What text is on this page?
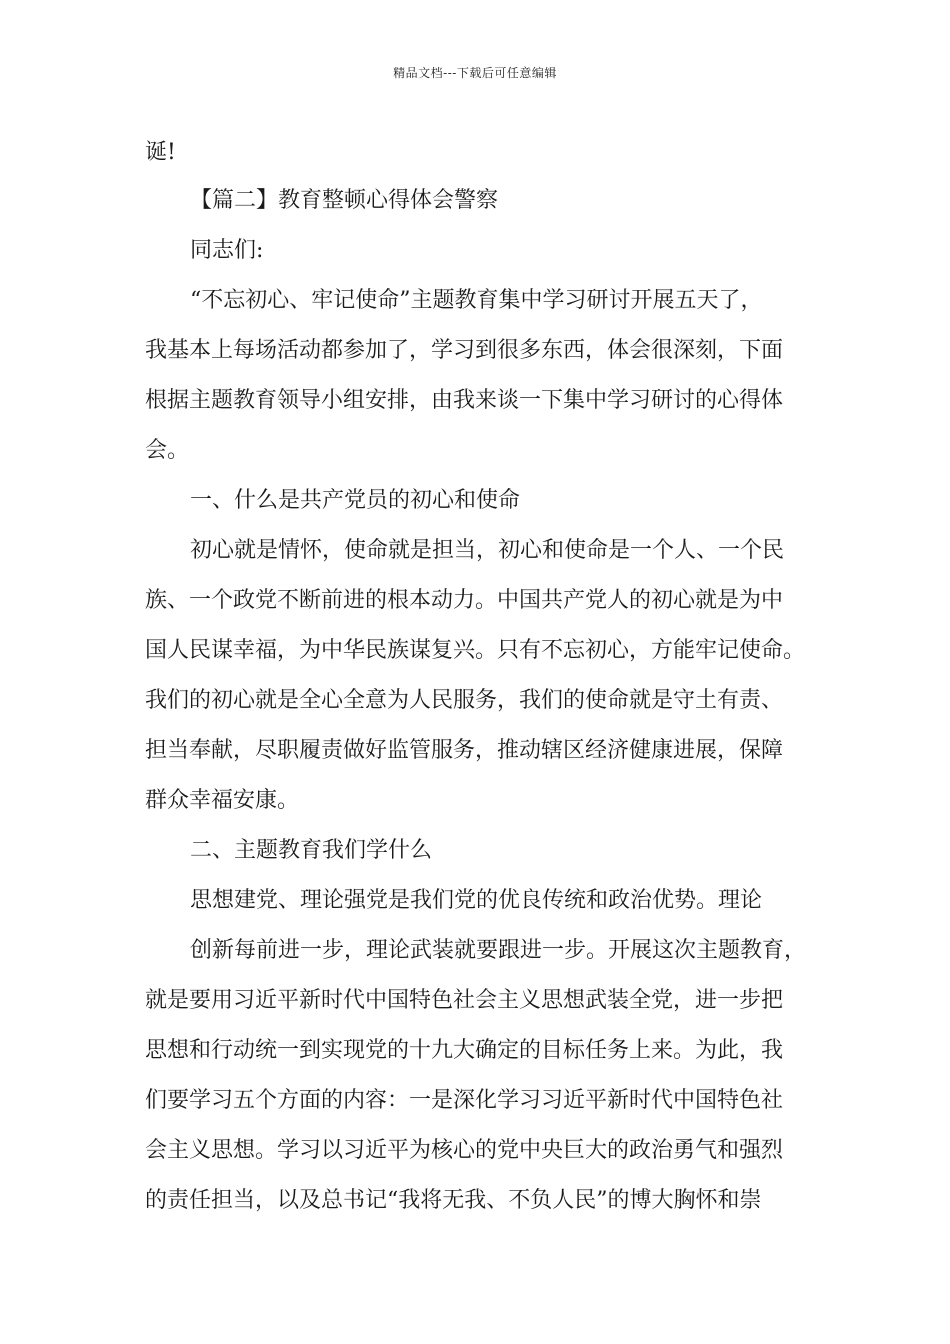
精品文档---下载后可任意编辑
诞!
【篇二】教育整顿心得体会警察
同志们:
“不忘初心、牢记使命”主题教育集中学习研讨开展五天了，
我基本上每场活动都参加了，学习到很多东西，体会很深刻，下面
根据主题教育领导小组安排，由我来谈一下集中学习研讨的心得体
会。
一、什么是共产党员的初心和使命
初心就是情怀，使命就是担当，初心和使命是一个人、一个民
族、一个政党不断前进的根本动力。中国共产党人的初心就是为中
国人民谋幸福，为中华民族谋复兴。只有不忘初心，方能牢记使命。
我们的初心就是全心全意为人民服务，我们的使命就是守土有责、
担当奉献，尽职履责做好监管服务，推动辖区经济健康进展，保障
群众幸福安康。
二、主题教育我们学什么
思想建党、理论强党是我们党的优良传统和政治优势。理论
创新每前进一步，理论武装就要跟进一步。开展这次主题教育，
就是要用习近平新时代中国特色社会主义思想武装全党，进一步把
思想和行动统一到实现党的十九大确定的目标任务上来。为此，我
们要学习五个方面的内容：一是深化学习习近平新时代中国特色社
会主义思想。学习以习近平为核心的党中央巨大的政治勇气和强烈
的责任担当，以及总书记“我将无我、不负人民”的博大胸怀和崇
